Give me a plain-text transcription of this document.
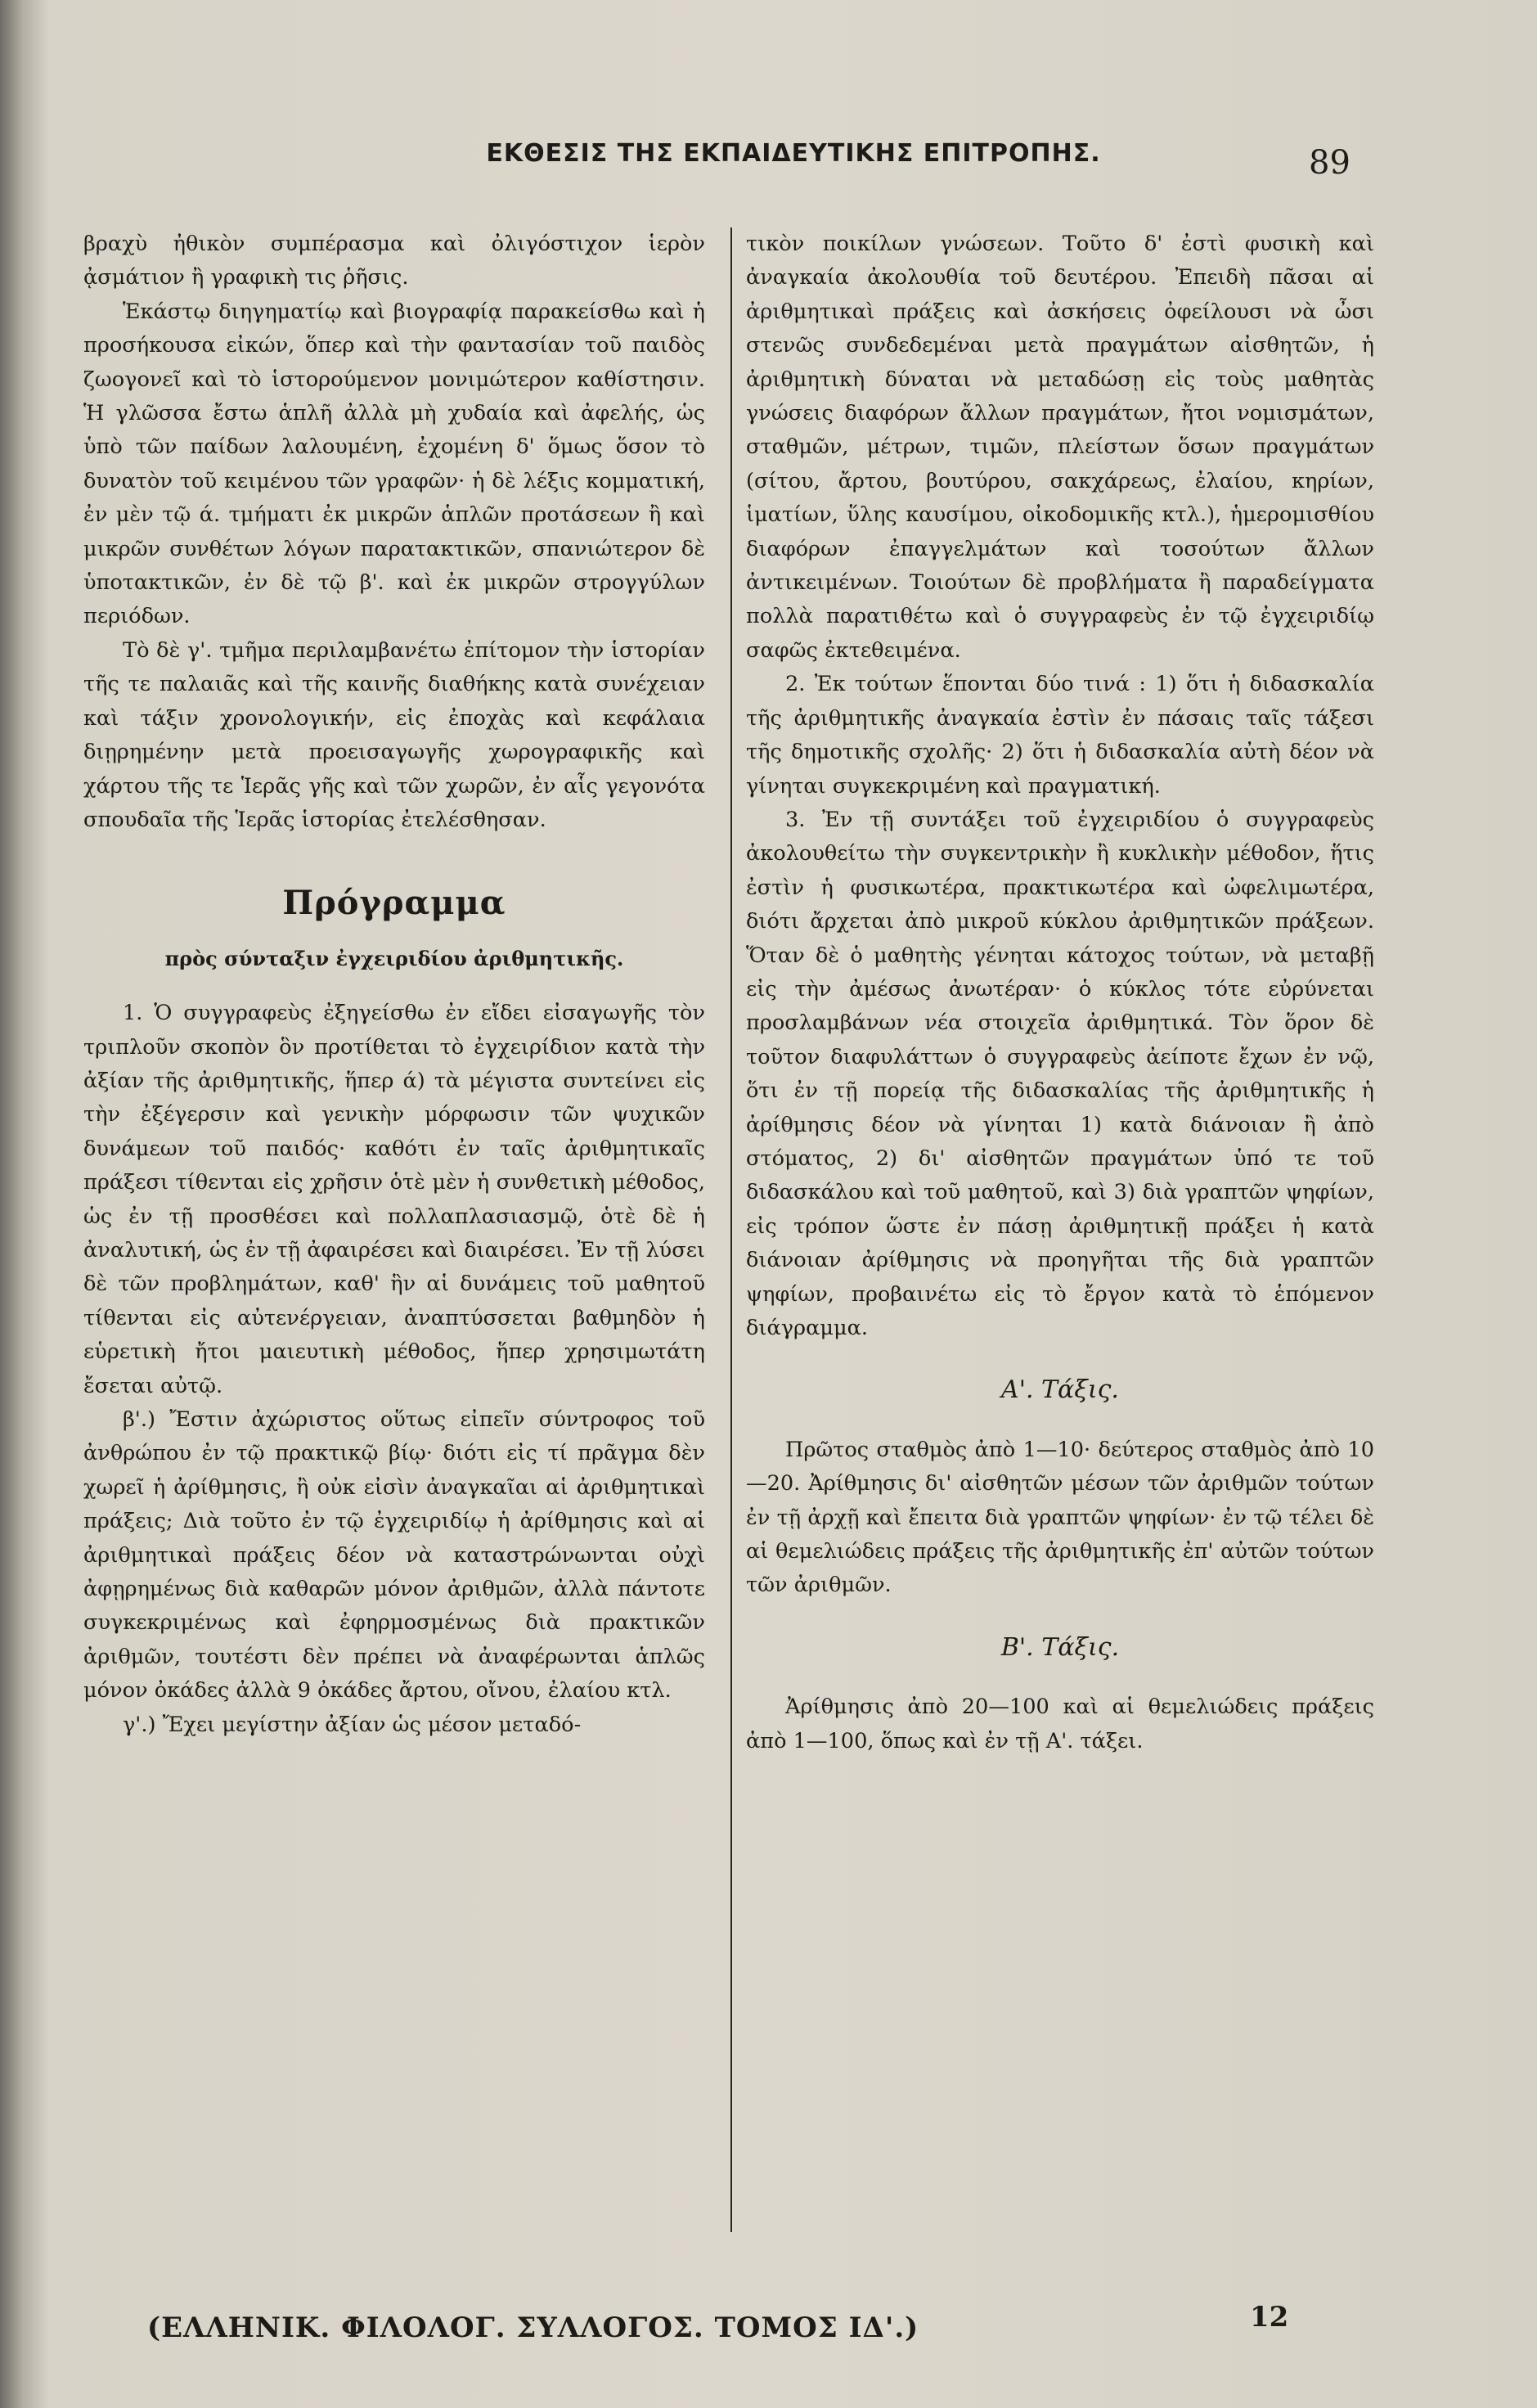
ΕΚΘΕΣΙΣ ΤΗΣ ΕΚΠΑΙΔΕΥΤΙΚΗΣ ΕΠΙΤΡΟΠΗΣ.	89

βραχὺ ἠθικὸν συμπέρασμα καὶ ὀλιγόστιχον ἱερὸν ᾀσμάτιον ἢ γραφικὴ τις ῥῆσις.

Ἑκάστῳ διηγηματίῳ καὶ βιογραφίᾳ παρακείσθω καὶ ἡ προσήκουσα εἰκών, ὅπερ καὶ τὴν φαντασίαν τοῦ παιδὸς ζωογονεῖ καὶ τὸ ἱστορούμενον μονιμώτερον καθίστησιν. Ἡ γλῶσσα ἔστω ἁπλῆ ἀλλὰ μὴ χυδαία καὶ ἀφελής, ὡς ὑπὸ τῶν παίδων λαλουμένη, ἐχομένη δ' ὅμως ὅσον τὸ δυνατὸν τοῦ κειμένου τῶν γραφῶν· ἡ δὲ λέξις κομματική, ἐν μὲν τῷ ά. τμήματι ἐκ μικρῶν ἁπλῶν προτάσεων ἢ καὶ μικρῶν συνθέτων λόγων παρατακτικῶν, σπανιώτερον δὲ ὑποτακτικῶν, ἐν δὲ τῷ β'. καὶ ἐκ μικρῶν στρογγύλων περιόδων.

Τὸ δὲ γ'. τμῆμα περιλαμβανέτω ἐπίτομον τὴν ἱστορίαν τῆς τε παλαιᾶς καὶ τῆς καινῆς διαθήκης κατὰ συνέχειαν καὶ τάξιν χρονολογικήν, εἰς ἐποχὰς καὶ κεφάλαια διῃρημένην μετὰ προεισαγωγῆς χωρογραφικῆς καὶ χάρτου τῆς τε Ἱερᾶς γῆς καὶ τῶν χωρῶν, ἐν αἷς γεγονότα σπουδαῖα τῆς Ἱερᾶς ἱστορίας ἐτελέσθησαν.

Πρόγραμμα
πρὸς σύνταξιν ἐγχειριδίου ἀριθμητικῆς.

1. Ὁ συγγραφεὺς ἐξηγείσθω ἐν εἴδει εἰσαγωγῆς τὸν τριπλοῦν σκοπὸν ὃν προτίθεται τὸ ἐγχειρίδιον κατὰ τὴν ἀξίαν τῆς ἀριθμητικῆς, ἥπερ ά) τὰ μέγιστα συντείνει εἰς τὴν ἐξέγερσιν καὶ γενικὴν μόρφωσιν τῶν ψυχικῶν δυνάμεων τοῦ παιδός· καθότι ἐν ταῖς ἀριθμητικαῖς πράξεσι τίθενται εἰς χρῆσιν ὁτὲ μὲν ἡ συνθετικὴ μέθοδος, ὡς ἐν τῇ προσθέσει καὶ πολλαπλασιασμῷ, ὁτὲ δὲ ἡ ἀναλυτική, ὡς ἐν τῇ ἀφαιρέσει καὶ διαιρέσει. Ἐν τῇ λύσει δὲ τῶν προβλημάτων, καθ' ἣν αἱ δυνάμεις τοῦ μαθητοῦ τίθενται εἰς αὐτενέργειαν, ἀναπτύσσεται βαθμηδὸν ἡ εὑρετικὴ ἤτοι μαιευτικὴ μέθοδος, ἥπερ χρησιμωτάτη ἔσεται αὐτῷ.

β'.) Ἔστιν ἀχώριστος οὕτως εἰπεῖν σύντροφος τοῦ ἀνθρώπου ἐν τῷ πρακτικῷ βίῳ· διότι εἰς τί πρᾶγμα δὲν χωρεῖ ἡ ἀρίθμησις, ἢ οὐκ εἰσὶν ἀναγκαῖαι αἱ ἀριθμητικαὶ πράξεις; Διὰ τοῦτο ἐν τῷ ἐγχειριδίῳ ἡ ἀρίθμησις καὶ αἱ ἀριθμητικαὶ πράξεις δέον νὰ καταστρώνωνται οὐχὶ ἀφῃρημένως διὰ καθαρῶν μόνον ἀριθμῶν, ἀλλὰ πάντοτε συγκεκριμένως καὶ ἐφηρμοσμένως διὰ πρακτικῶν ἀριθμῶν, τουτέστι δὲν πρέπει νὰ ἀναφέρωνται ἁπλῶς μόνον ὀκάδες ἀλλὰ 9 ὀκάδες ἄρτου, οἴνου, ἐλαίου κτλ.

γ'.) Ἔχει μεγίστην ἀξίαν ὡς μέσον μεταδό-

τικὸν ποικίλων γνώσεων. Τοῦτο δ' ἐστὶ φυσικὴ καὶ ἀναγκαία ἀκολουθία τοῦ δευτέρου. Ἐπειδὴ πᾶσαι αἱ ἀριθμητικαὶ πράξεις καὶ ἀσκήσεις ὀφείλουσι νὰ ὦσι στενῶς συνδεδεμέναι μετὰ πραγμάτων αἰσθητῶν, ἡ ἀριθμητικὴ δύναται νὰ μεταδώσῃ εἰς τοὺς μαθητὰς γνώσεις διαφόρων ἄλλων πραγμάτων, ἤτοι νομισμάτων, σταθμῶν, μέτρων, τιμῶν, πλείστων ὅσων πραγμάτων (σίτου, ἄρτου, βουτύρου, σακχάρεως, ἐλαίου, κηρίων, ἱματίων, ὕλης καυσίμου, οἰκοδομικῆς κτλ.), ἡμερομισθίου διαφόρων ἐπαγγελμάτων καὶ τοσούτων ἄλλων ἀντικειμένων. Τοιούτων δὲ προβλήματα ἢ παραδείγματα πολλὰ παρατιθέτω καὶ ὁ συγγραφεὺς ἐν τῷ ἐγχειριδίῳ σαφῶς ἐκτεθειμένα.

2. Ἐκ τούτων ἕπονται δύο τινά : 1) ὅτι ἡ διδασκαλία τῆς ἀριθμητικῆς ἀναγκαία ἐστὶν ἐν πάσαις ταῖς τάξεσι τῆς δημοτικῆς σχολῆς· 2) ὅτι ἡ διδασκαλία αὐτὴ δέον νὰ γίνηται συγκεκριμένη καὶ πραγματική.

3. Ἐν τῇ συντάξει τοῦ ἐγχειριδίου ὁ συγγραφεὺς ἀκολουθείτω τὴν συγκεντρικὴν ἢ κυκλικὴν μέθοδον, ἥτις ἐστὶν ἡ φυσικωτέρα, πρακτικωτέρα καὶ ὠφελιμωτέρα, διότι ἄρχεται ἀπὸ μικροῦ κύκλου ἀριθμητικῶν πράξεων. Ὅταν δὲ ὁ μαθητὴς γένηται κάτοχος τούτων, νὰ μεταβῇ εἰς τὴν ἀμέσως ἀνωτέραν· ὁ κύκλος τότε εὐρύνεται προσλαμβάνων νέα στοιχεῖα ἀριθμητικά. Τὸν ὅρον δὲ τοῦτον διαφυλάττων ὁ συγγραφεὺς ἀείποτε ἔχων ἐν νῷ, ὅτι ἐν τῇ πορείᾳ τῆς διδασκαλίας τῆς ἀριθμητικῆς ἡ ἀρίθμησις δέον νὰ γίνηται 1) κατὰ διάνοιαν ἢ ἀπὸ στόματος, 2) δι' αἰσθητῶν πραγμάτων ὑπό τε τοῦ διδασκάλου καὶ τοῦ μαθητοῦ, καὶ 3) διὰ γραπτῶν ψηφίων, εἰς τρόπον ὥστε ἐν πάσῃ ἀριθμητικῇ πράξει ἡ κατὰ διάνοιαν ἀρίθμησις νὰ προηγῆται τῆς διὰ γραπτῶν ψηφίων, προβαινέτω εἰς τὸ ἔργον κατὰ τὸ ἑπόμενον διάγραμμα.

Α'. Τάξις.

Πρῶτος σταθμὸς ἀπὸ 1—10· δεύτερος σταθμὸς ἀπὸ 10—20. Ἀρίθμησις δι' αἰσθητῶν μέσων τῶν ἀριθμῶν τούτων ἐν τῇ ἀρχῇ καὶ ἔπειτα διὰ γραπτῶν ψηφίων· ἐν τῷ τέλει δὲ αἱ θεμελιώδεις πράξεις τῆς ἀριθμητικῆς ἐπ' αὐτῶν τούτων τῶν ἀριθμῶν.

Β'. Τάξις.

Ἀρίθμησις ἀπὸ 20—100 καὶ αἱ θεμελιώδεις πράξεις ἀπὸ 1—100, ὅπως καὶ ἐν τῇ Α'. τάξει.

(ΕΛΛΗΝΙΚ. ΦΙΛΟΛΟΓ. ΣΥΛΛΟΓΟΣ. ΤΟΜΟΣ ΙΔ'.)	12
